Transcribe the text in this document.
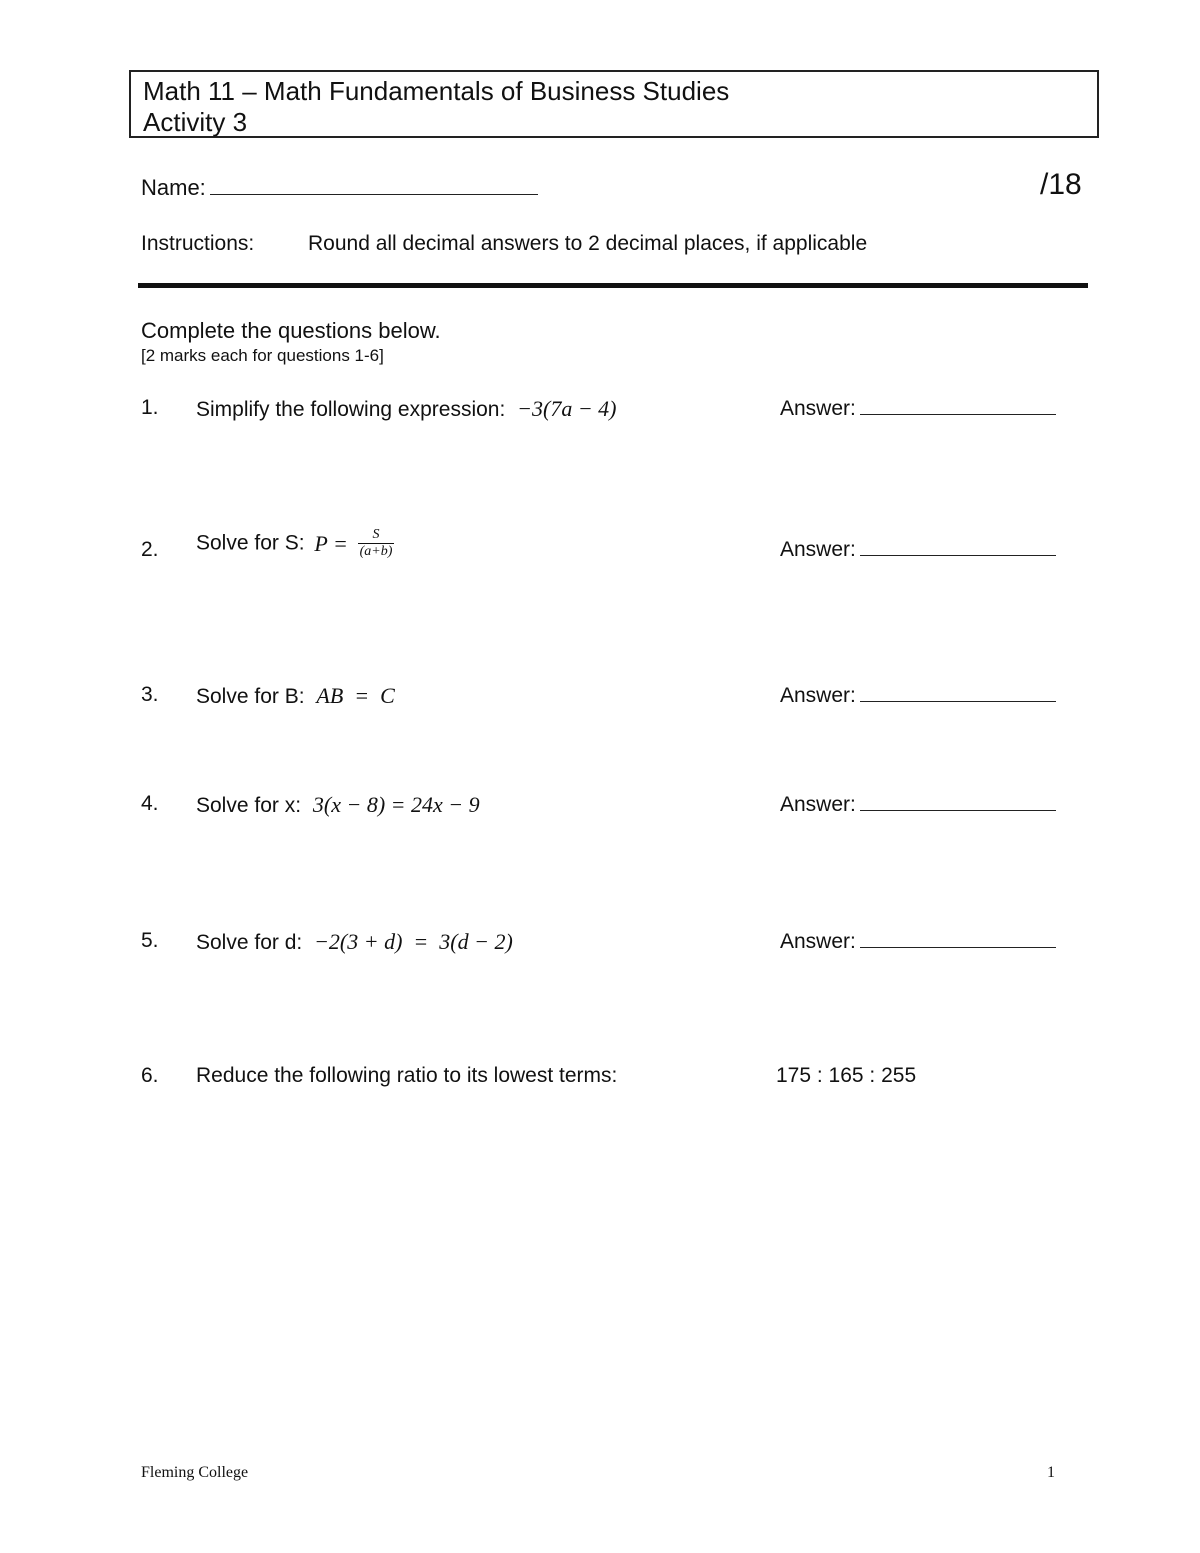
Math 11 – Math Fundamentals of Business Studies
Activity 3
Name:	/18
Instructions:	Round all decimal answers to 2 decimal places, if applicable
Complete the questions below.
[2 marks each for questions 1-6]
1. Simplify the following expression: −3(7a − 4)	Answer:
2. Solve for S: $P = \frac{S}{(a+b)}$	Answer:
3. Solve for B: AB  =  C	Answer:
4. Solve for x: 3(x − 8) = 24x − 9	Answer:
5. Solve for d: −2(3 + d)  =  3(d − 2)	Answer:
6. Reduce the following ratio to its lowest terms:	175 : 165 : 255
Fleming College	1
